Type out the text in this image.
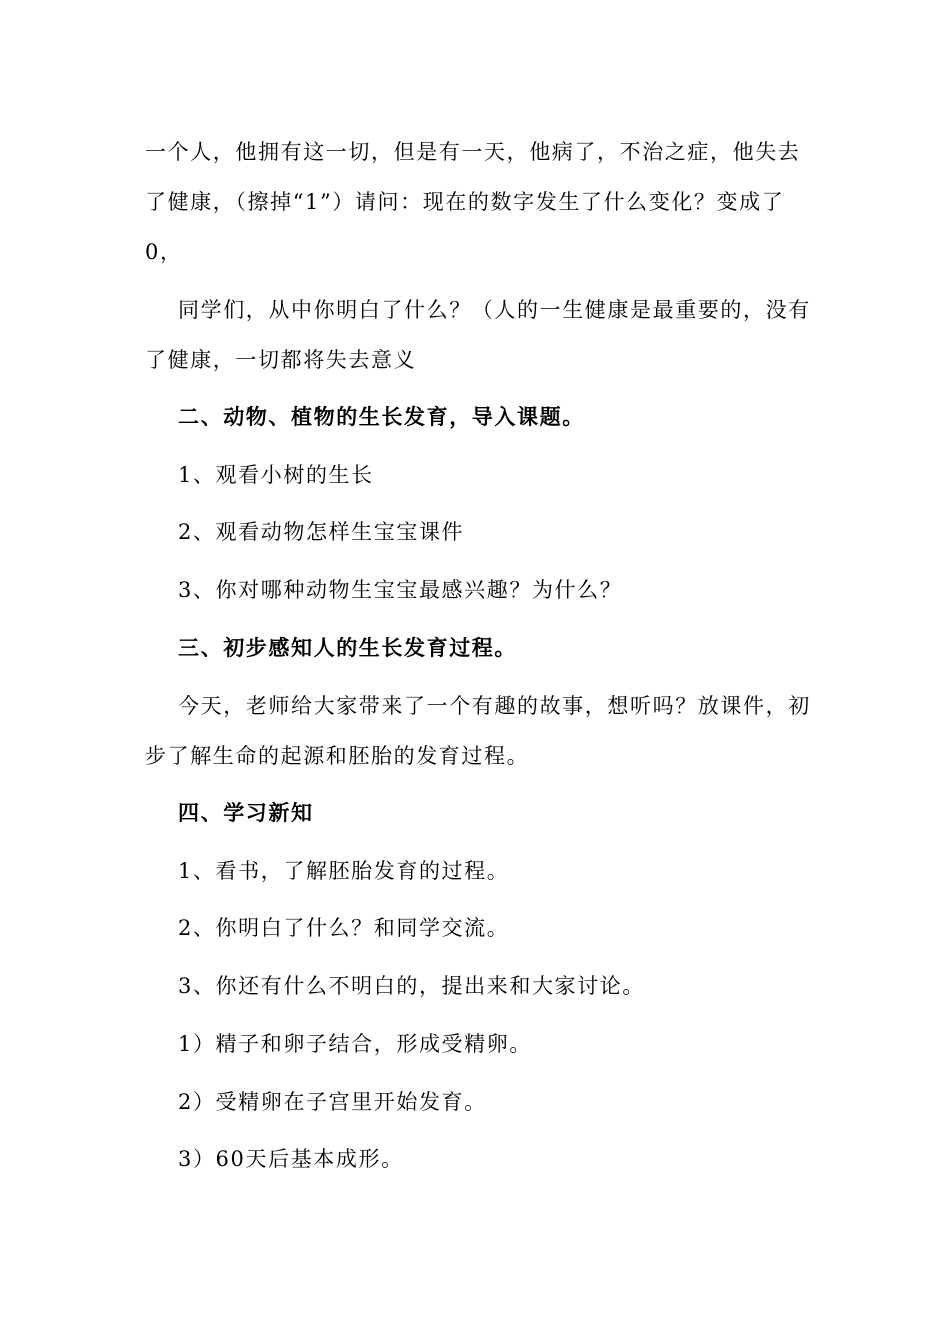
一个人，他拥有这一切，但是有一天，他病了，不治之症，他失去
了健康，（擦掉“1”）请问：现在的数字发生了什么变化？变成了
0，
同学们，从中你明白了什么？（人的一生健康是最重要的，没有
了健康，一切都将失去意义
二、动物、植物的生长发育，导入课题。
1、观看小树的生长
2、观看动物怎样生宝宝课件
3、你对哪种动物生宝宝最感兴趣？为什么？
三、初步感知人的生长发育过程。
今天，老师给大家带来了一个有趣的故事，想听吗？放课件，初
步了解生命的起源和胚胎的发育过程。
四、学习新知
1、看书，了解胚胎发育的过程。
2、你明白了什么？和同学交流。
3、你还有什么不明白的，提出来和大家讨论。
1）精子和卵子结合，形成受精卵。
2）受精卵在子宫里开始发育。
3）60天后基本成形。
